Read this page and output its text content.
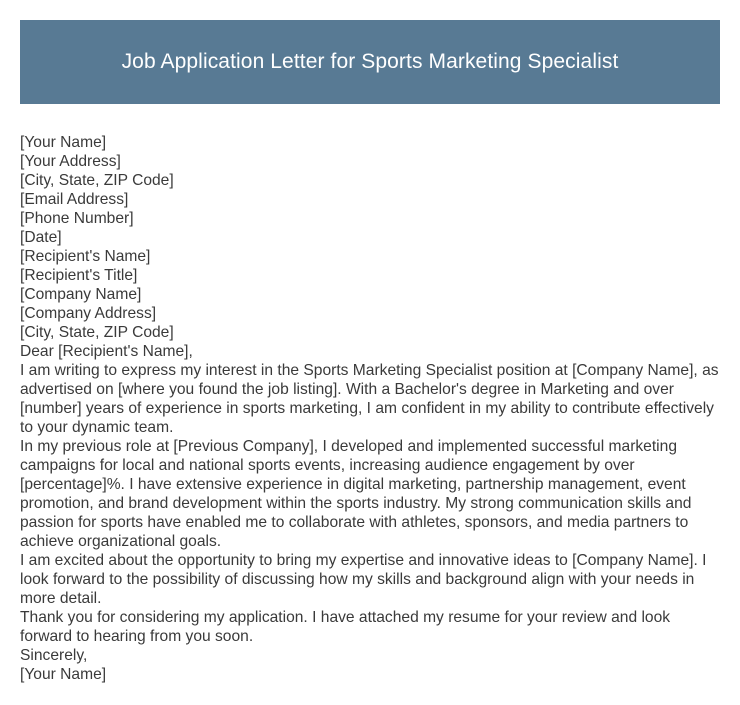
Job Application Letter for Sports Marketing Specialist
[Your Name]
[Your Address]
[City, State, ZIP Code]
[Email Address]
[Phone Number]
[Date]
[Recipient's Name]
[Recipient's Title]
[Company Name]
[Company Address]
[City, State, ZIP Code]
Dear [Recipient's Name],

I am writing to express my interest in the Sports Marketing Specialist position at [Company Name], as advertised on [where you found the job listing]. With a Bachelor's degree in Marketing and over [number] years of experience in sports marketing, I am confident in my ability to contribute effectively to your dynamic team.

In my previous role at [Previous Company], I developed and implemented successful marketing campaigns for local and national sports events, increasing audience engagement by over [percentage]%. I have extensive experience in digital marketing, partnership management, event promotion, and brand development within the sports industry. My strong communication skills and passion for sports have enabled me to collaborate with athletes, sponsors, and media partners to achieve organizational goals.

I am excited about the opportunity to bring my expertise and innovative ideas to [Company Name]. I look forward to the possibility of discussing how my skills and background align with your needs in more detail.

Thank you for considering my application. I have attached my resume for your review and look forward to hearing from you soon.

Sincerely,
[Your Name]
